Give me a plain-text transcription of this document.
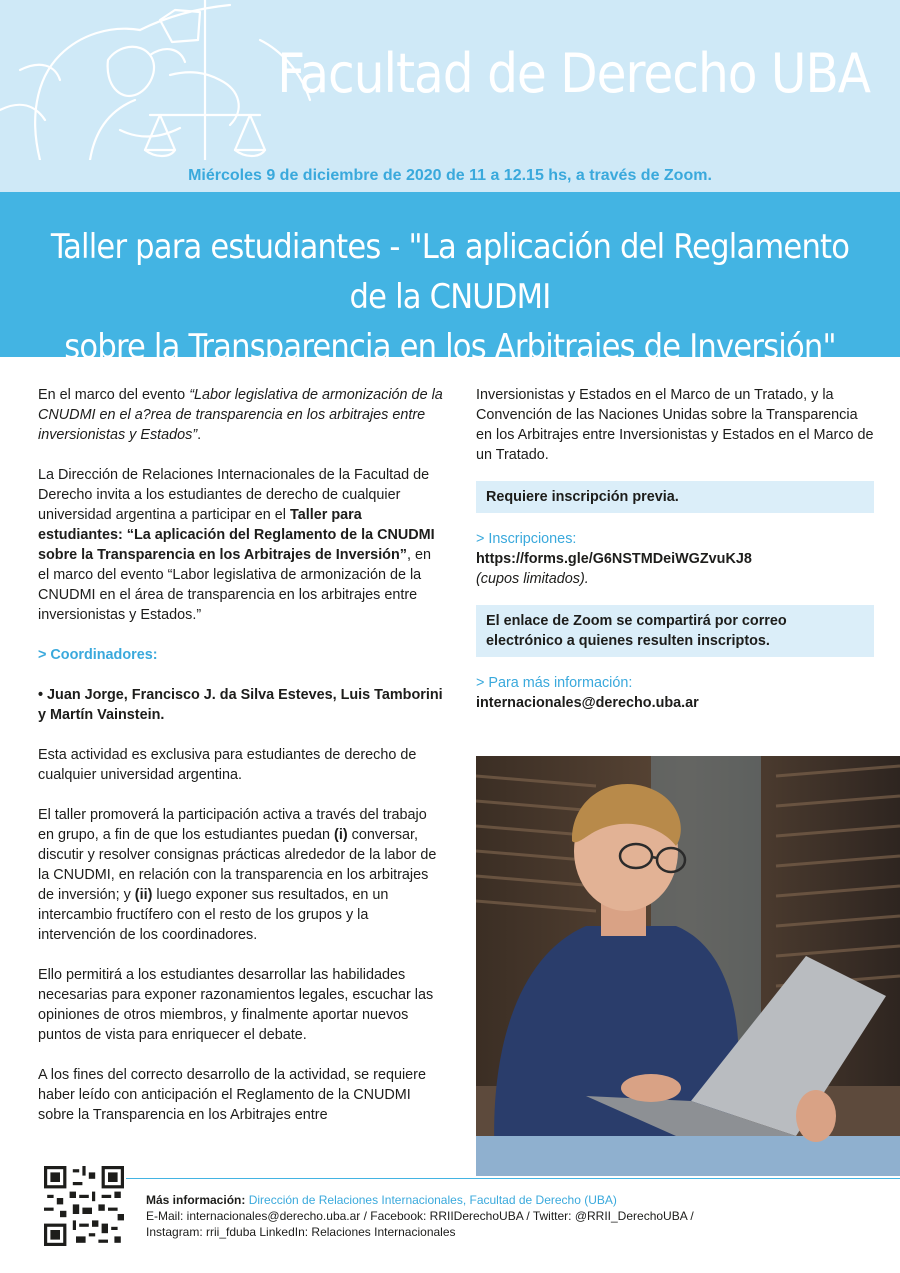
Facultad de Derecho UBA
Miércoles 9 de diciembre de 2020 de 11 a 12.15 hs, a través de Zoom.
Taller para estudiantes - "La aplicación del Reglamento de la CNUDMI
sobre la Transparencia en los Arbitrajes de Inversión"

En el marco del evento “Labor legislativa de armonización de la CNUDMI en el a?rea de transparencia en los arbitrajes entre inversionistas y Estados”.

La Dirección de Relaciones Internacionales de la Facultad de Derecho invita a los estudiantes de derecho de cualquier universidad argentina a participar en el Taller para estudiantes: “La aplicación del Reglamento de la CNUDMI sobre la Transparencia en los Arbitrajes de Inversión”, en el marco del evento “Labor legislativa de armonización de la CNUDMI en el área de transparencia en los arbitrajes entre inversionistas y Estados.”

> Coordinadores:

• Juan Jorge, Francisco J. da Silva Esteves, Luis Tamborini y Martín Vainstein.

Esta actividad es exclusiva para estudiantes de derecho de cualquier universidad argentina.

El taller promoverá la participación activa a través del trabajo en grupo, a fin de que los estudiantes puedan (i) conversar, discutir y resolver consignas prácticas alrededor de la labor de la CNUDMI, en relación con la transparencia en los arbitrajes de inversión; y (ii) luego exponer sus resultados, en un intercambio fructífero con el resto de los grupos y la intervención de los coordinadores.

Ello permitirá a los estudiantes desarrollar las habilidades necesarias para exponer razonamientos legales, escuchar las opiniones de otros miembros, y finalmente aportar nuevos puntos de vista para enriquecer el debate.

A los fines del correcto desarrollo de la actividad, se requiere haber leído con anticipación el Reglamento de la CNUDMI sobre la Transparencia en los Arbitrajes entre

Inversionistas y Estados en el Marco de un Tratado, y la Convención de las Naciones Unidas sobre la Transparencia en los Arbitrajes entre Inversionistas y Estados en el Marco de un Tratado.

Requiere inscripción previa.

> Inscripciones:

https://forms.gle/G6NSTMDeiWGZvuKJ8

(cupos limitados).

El enlace de Zoom se compartirá por correo electrónico a quienes resulten inscriptos.

> Para más información:

internacionales@derecho.uba.ar

Más información: Dirección de Relaciones Internacionales, Facultad de Derecho (UBA)
E-Mail: internacionales@derecho.uba.ar / Facebook: RRIIDerechoUBA / Twitter: @RRII_DerechoUBA /
Instagram: rrii_fduba LinkedIn: Relaciones Internacionales
